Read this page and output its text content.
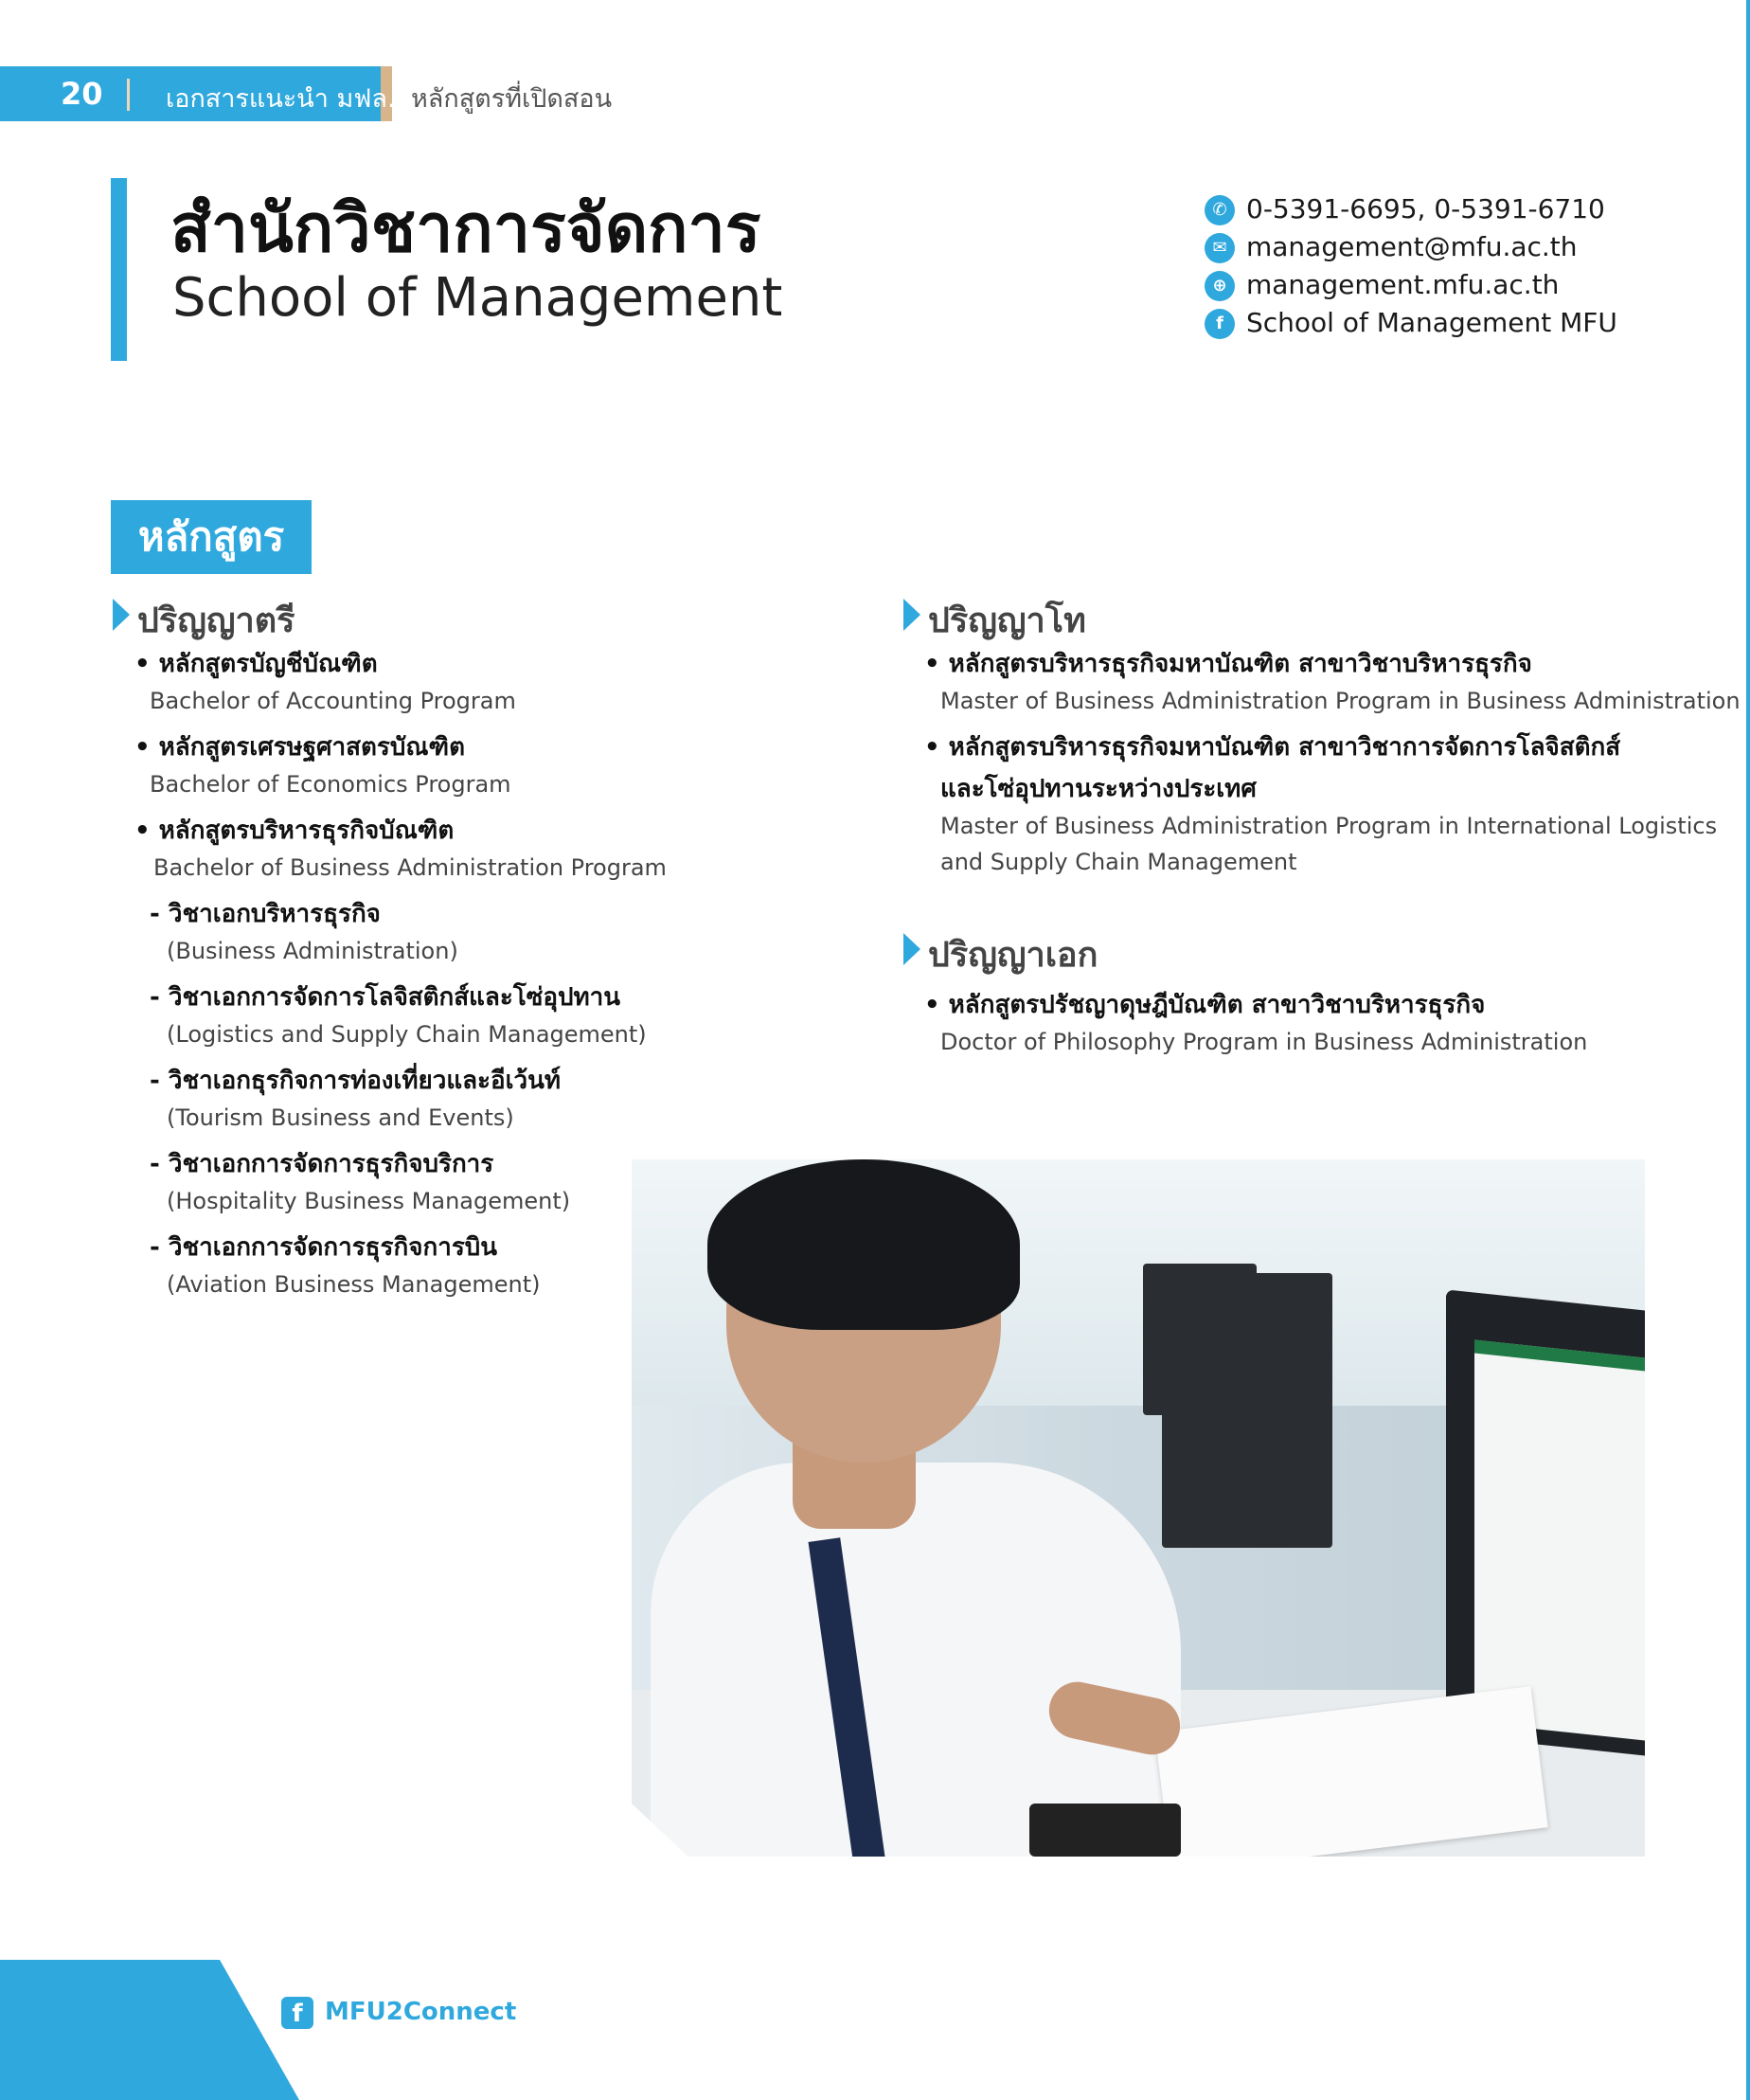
20 เอกสารแนะนำ มฟล. หลักสูตรที่เปิดสอน
สำนักวิชาการจัดการ
School of Management
✆ 0-5391-6695, 0-5391-6710
✉ management@mfu.ac.th
⊕ management.mfu.ac.th
f School of Management MFU
หลักสูตร
ปริญญาตรี
• หลักสูตรบัญชีบัณฑิต
Bachelor of Accounting Program
• หลักสูตรเศรษฐศาสตรบัณฑิต
Bachelor of Economics Program
• หลักสูตรบริหารธุรกิจบัณฑิต
Bachelor of Business Administration Program
- วิชาเอกบริหารธุรกิจ
(Business Administration)
- วิชาเอกการจัดการโลจิสติกส์และโซ่อุปทาน
(Logistics and Supply Chain Management)
- วิชาเอกธุรกิจการท่องเที่ยวและอีเว้นท์
(Tourism Business and Events)
- วิชาเอกการจัดการธุรกิจบริการ
(Hospitality Business Management)
- วิชาเอกการจัดการธุรกิจการบิน
(Aviation Business Management)
ปริญญาโท
• หลักสูตรบริหารธุรกิจมหาบัณฑิต สาขาวิชาบริหารธุรกิจ
Master of Business Administration Program in Business Administration
• หลักสูตรบริหารธุรกิจมหาบัณฑิต สาขาวิชาการจัดการโลจิสติกส์
และโซ่อุปทานระหว่างประเทศ
Master of Business Administration Program in International Logistics
and Supply Chain Management
ปริญญาเอก
• หลักสูตรปรัชญาดุษฎีบัณฑิต สาขาวิชาบริหารธุรกิจ
Doctor of Philosophy Program in Business Administration
f MFU2Connect
